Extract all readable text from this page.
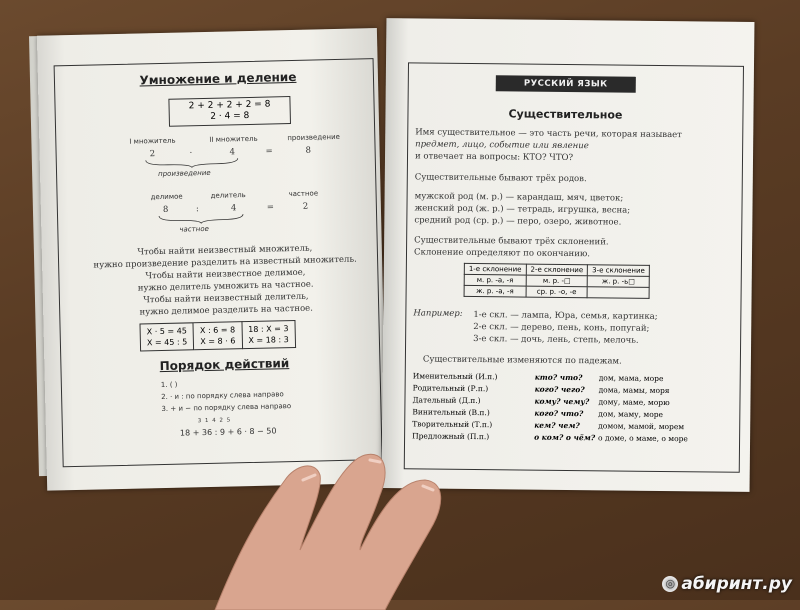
Умножение и деление
2 + 2 + 2 + 2 = 8
2 · 4 = 8
I множитель	II множитель	произведение
2	·	4	=	8
произведение
делимое	делитель	частное
8	:	4	=	2
частное
Чтобы найти неизвестный множитель,
нужно произведение разделить на известный множитель.
Чтобы найти неизвестное делимое,
нужно делитель умножить на частное.
Чтобы найти неизвестный делитель,
нужно делимое разделить на частное.
X · 5 = 45
X = 45 : 5
X : 6 = 8
X = 8 · 6
18 : X = 3
X = 18 : 3
Порядок действий
1. ( )
2. · и : по порядку слева направо
3. + и − по порядку слева направо
3 1 4 2 5
18 + 36 : 9 + 6 · 8 − 50
РУССКИЙ ЯЗЫК
Существительное
Имя существительное — это часть речи, которая называет
предмет, лицо, событие или явление
и отвечает на вопросы: КТО? ЧТО?
Существительные бывают трёх родов.
мужской род (м. р.) — карандаш, мяч, цветок;
женский род (ж. р.) — тетрадь, игрушка, весна;
средний род (ср. р.) — перо, озеро, животное.
Существительные бывают трёх склонений.
Склонение определяют по окончанию.
1-е склонение	2-е склонение	3-е склонение
м. р. -а, -я	м. р. -□	ж. р. -ь□
ж. р. -а, -я	ср. р. -о, -е	
Например: 1-е скл. — лампа, Юра, семья, картинка;
2-е скл. — дерево, пень, конь, попугай;
3-е скл. — дочь, лень, степь, мелочь.
Существительные изменяются по падежам.
Именительный (И.п.)	кто? что?	дом, мама, море
Родительный (Р.п.)	кого? чего?	дома, мамы, моря
Дательный (Д.п.)	кому? чему?	дому, маме, морю
Винительный (В.п.)	кого? что?	дом, маму, море
Творительный (Т.п.)	кем? чем?	домом, мамой, морем
Предложный (П.п.)	о ком? о чём? о доме, о маме, о море
◎ абиринт.ру
